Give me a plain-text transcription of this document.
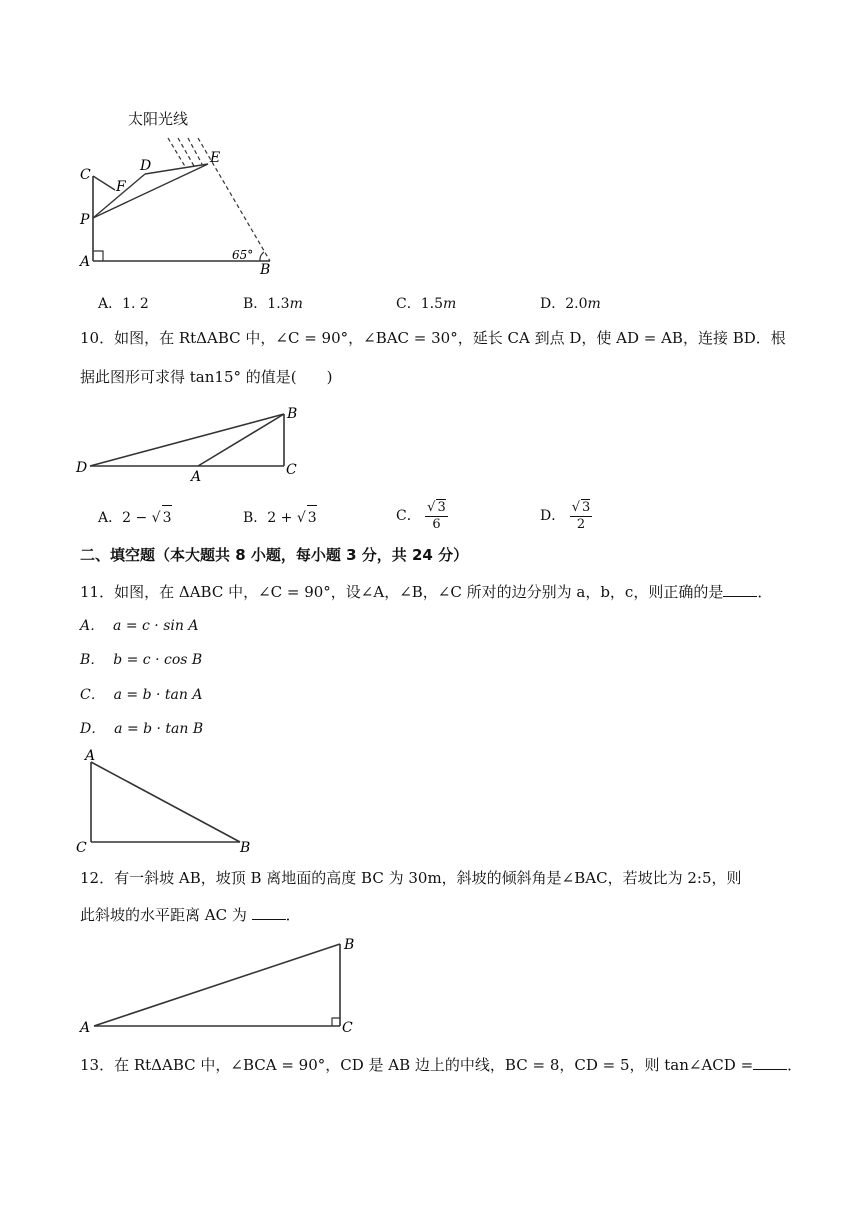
太阳光线
C
D	E
F
P
A	B
65°
A．1. 2	B．1.3m	C．1.5m	D．2.0m
10．如图，在 RtΔABC 中，∠C = 90°，∠BAC = 30°，延长 CA 到点 D，使 AD = AB，连接 BD．根
据此图形可求得 tan15° 的值是(　　)
D
A
B
C
A．2 − √ 3	B．2 + √ 3	C． $\frac{√ 3}{6}$	D． $\frac{√ 3}{2}$
二、填空题（本大题共 8 小题，每小题 3 分，共 24 分）
11．如图，在 ΔABC 中，∠C = 90°，设∠A，∠B，∠C 所对的边分别为 a，b，c，则正确的是 ．
A． a = c · sin A
B． b = c · cos B
C． a = b · tan A
D． a = b · tan B
A
C	B
12．有一斜坡 AB，坡顶 B 离地面的高度 BC 为 30m，斜坡的倾斜角是∠BAC，若坡比为 2:5，则
此斜坡的水平距离 AC 为 ．
A
B
C
13．在 RtΔABC 中，∠BCA = 90°，CD 是 AB 边上的中线，BC = 8，CD = 5，则 tan∠ACD = ．
